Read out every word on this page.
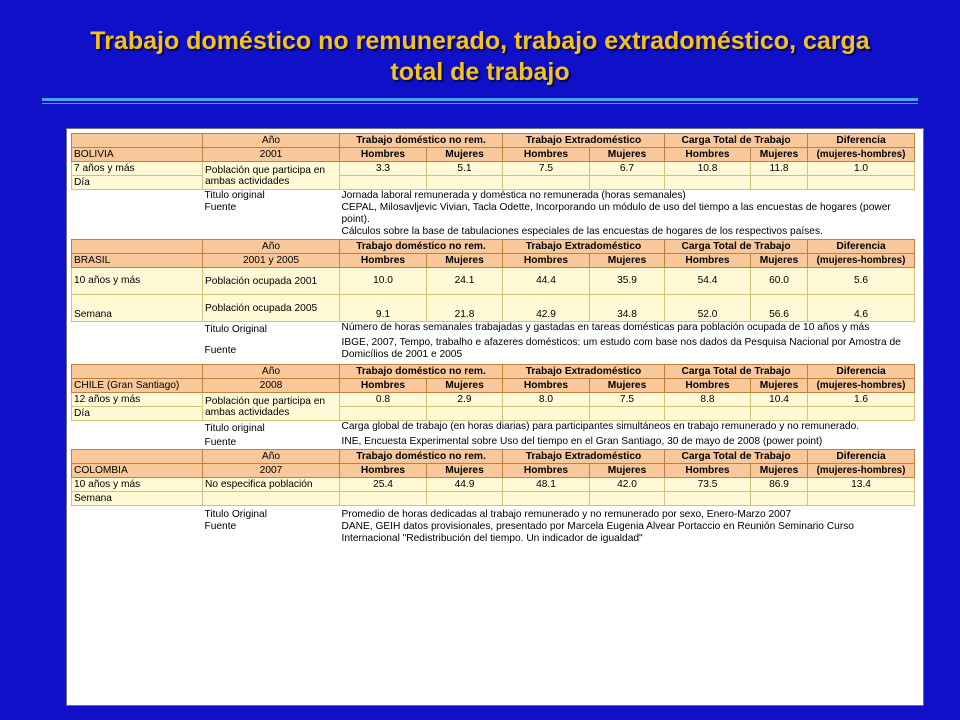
Trabajo doméstico no remunerado, trabajo extradoméstico, carga
total de trabajo
	Año	Trabajo doméstico no rem.		Trabajo Extradoméstico		Carga Total de Trabajo		Diferencia
BOLIVIA	2001	Hombres	Mujeres	Hombres	Mujeres	Hombres	Mujeres	(mujeres-hombres)
7 años y más	Población que participa en ambas actividades	3.3	5.1	7.5	6.7	10.8	11.8	1.0
Día								
	Titulo original	Jornada laboral remunerada y doméstica no remunerada (horas semanales)						
	Fuente	CEPAL, Milosavljevic Vivian, Tacla Odette, Incorporando un módulo de uso del tiempo a las encuestas de hogares (power point).						
		Cálculos sobre la base de tabulaciones especiales de las encuestas de hogares de los respectivos países.						
	Año	Trabajo doméstico no rem.		Trabajo Extradoméstico		Carga Total de Trabajo		Diferencia
BRASIL	2001 y 2005	Hombres	Mujeres	Hombres	Mujeres	Hombres	Mujeres	(mujeres-hombres)
10 años y más	Población ocupada 2001	10.0	24.1	44.4	35.9	54.4	60.0	5.6
Semana	Población ocupada 2005	9.1	21.8	42.9	34.8	52.0	56.6	4.6
	Titulo Original	Número de horas semanales trabajadas y gastadas en tareas domésticas para población ocupada de 10 años y más						
	Fuente	IBGE, 2007, Tempo, trabalho e afazeres domésticos: um estudo com base nos dados da Pesquisa Nacional por Amostra de Domicílios de 2001 e 2005						
	Año	Trabajo doméstico no rem.		Trabajo Extradoméstico		Carga Total de Trabajo		Diferencia
CHILE (Gran Santiago)	2008	Hombres	Mujeres	Hombres	Mujeres	Hombres	Mujeres	(mujeres-hombres)
12 años y más	Población que participa en ambas actividades	0.8	2.9	8.0	7.5	8.8	10.4	1.6
Día								
	Titulo original	Carga global de trabajo (en horas diarias) para participantes simultáneos en trabajo remunerado y no remunerado.						
	Fuente	INE, Encuesta Experimental sobre Uso del tiempo en el Gran Santiago, 30 de mayo de 2008 (power point)						
	Año	Trabajo doméstico no rem.		Trabajo Extradoméstico		Carga Total de Trabajo		Diferencia
COLOMBIA	2007	Hombres	Mujeres	Hombres	Mujeres	Hombres	Mujeres	(mujeres-hombres)
10 años y más	No especifica población	25.4	44.9	48.1	42.0	73.5	86.9	13.4
Semana								

	Titulo Original	Promedio de horas dedicadas al trabajo remunerado y no remunerado por sexo, Enero-Marzo 2007						
	Fuente	DANE, GEIH datos provisionales, presentado por Marcela Eugenia Alvear Portaccio en Reunión Seminario Curso Internacional "Redistribución del tiempo. Un indicador de igualdad"						
